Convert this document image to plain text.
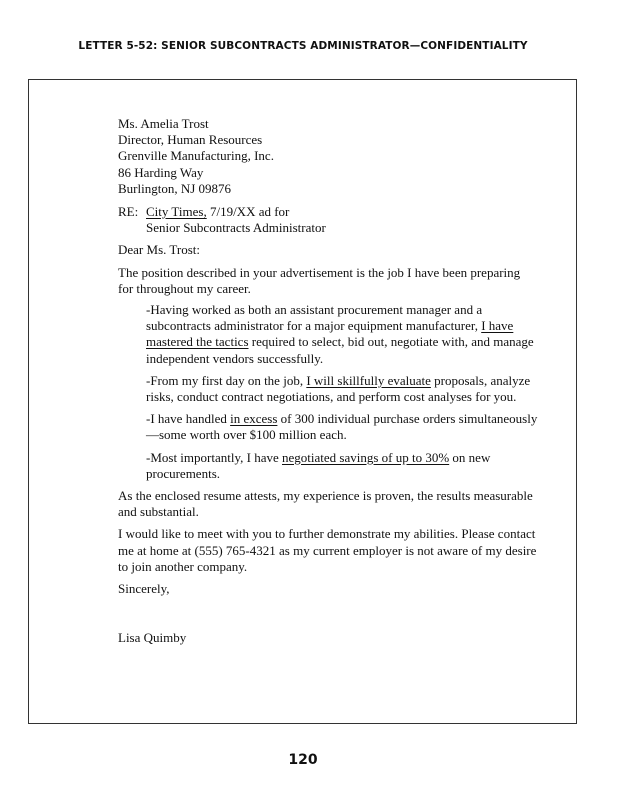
LETTER 5-52: SENIOR SUBCONTRACTS ADMINISTRATOR—CONFIDENTIALITY
Ms. Amelia Trost
Director, Human Resources
Grenville Manufacturing, Inc.
86 Harding Way
Burlington, NJ 09876
RE: City Times, 7/19/XX ad for
Senior Subcontracts Administrator

Dear Ms. Trost:

The position described in your advertisement is the job I have been preparing for throughout my career.

-Having worked as both an assistant procurement manager and a subcontracts administrator for a major equipment manufacturer, I have mastered the tactics required to select, bid out, negotiate with, and manage independent vendors successfully.
-From my first day on the job, I will skillfully evaluate proposals, analyze risks, conduct contract negotiations, and perform cost analyses for you.
-I have handled in excess of 300 individual purchase orders simultaneously—some worth over $100 million each.
-Most importantly, I have negotiated savings of up to 30% on new procurements.

As the enclosed resume attests, my experience is proven, the results measurable and substantial.

I would like to meet with you to further demonstrate my abilities. Please contact me at home at (555) 765-4321 as my current employer is not aware of my desire to join another company.

Sincerely,

Lisa Quimby

120
